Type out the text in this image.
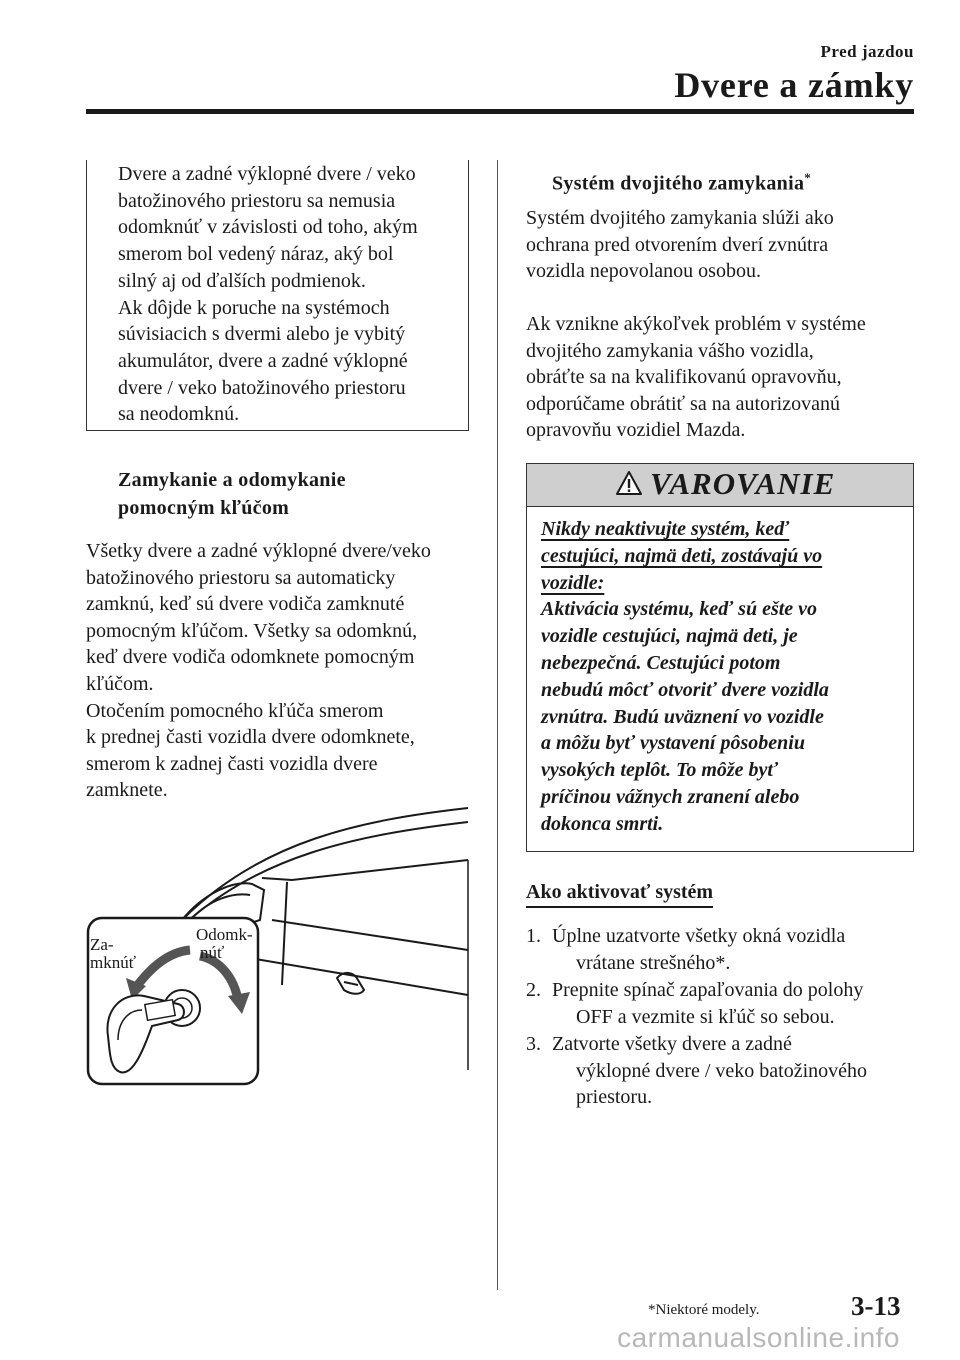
Pred jazdou
Dvere a zámky
Dvere a zadné výklopné dvere / veko
batožinového priestoru sa nemusia
odomknúť v závislosti od toho, akým
smerom bol vedený náraz, aký bol
silný aj od ďalších podmienok.
Ak dôjde k poruche na systémoch
súvisiacich s dvermi alebo je vybitý
akumulátor, dvere a zadné výklopné
dvere / veko batožinového priestoru
sa neodomknú.
Zamykanie a odomykanie
pomocným kľúčom
Všetky dvere a zadné výklopné dvere/veko
batožinového priestoru sa automaticky
zamknú, keď sú dvere vodiča zamknuté
pomocným kľúčom. Všetky sa odomknú,
keď dvere vodiča odomknete pomocným
kľúčom.
Otočením pomocného kľúča smerom
k prednej časti vozidla dvere odomknete,
smerom k zadnej časti vozidla dvere
zamknete.
Za-
mknúť
Odomk-
núť
Systém dvojitého zamykania*
Systém dvojitého zamykania slúži ako
ochrana pred otvorením dverí zvnútra
vozidla nepovolanou osobou.
Ak vznikne akýkoľvek problém v systéme
dvojitého zamykania vášho vozidla,
obráťte sa na kvalifikovanú opravovňu,
odporúčame obrátiť sa na autorizovanú
opravovňu vozidiel Mazda.
VAROVANIE
Nikdy neaktivujte systém, keď
cestujúci, najmä deti, zostávajú vo
vozidle:
Aktivácia systému, keď sú ešte vo
vozidle cestujúci, najmä deti, je
nebezpečná. Cestujúci potom
nebudú môcť otvoriť dvere vozidla
zvnútra. Budú uväznení vo vozidle
a môžu byť vystavení pôsobeniu
vysokých teplôt. To môže byť
príčinou vážnych zranení alebo
dokonca smrti.
Ako aktivovať systém
1. Úplne uzatvorte všetky okná vozidla
vrátane strešného*.
2. Prepnite spínač zapaľovania do polohy
OFF a vezmite si kľúč so sebou.
3. Zatvorte všetky dvere a zadné
výklopné dvere / veko batožinového
priestoru.
*Niektoré modely.	3-13
carmanualsonline.info
